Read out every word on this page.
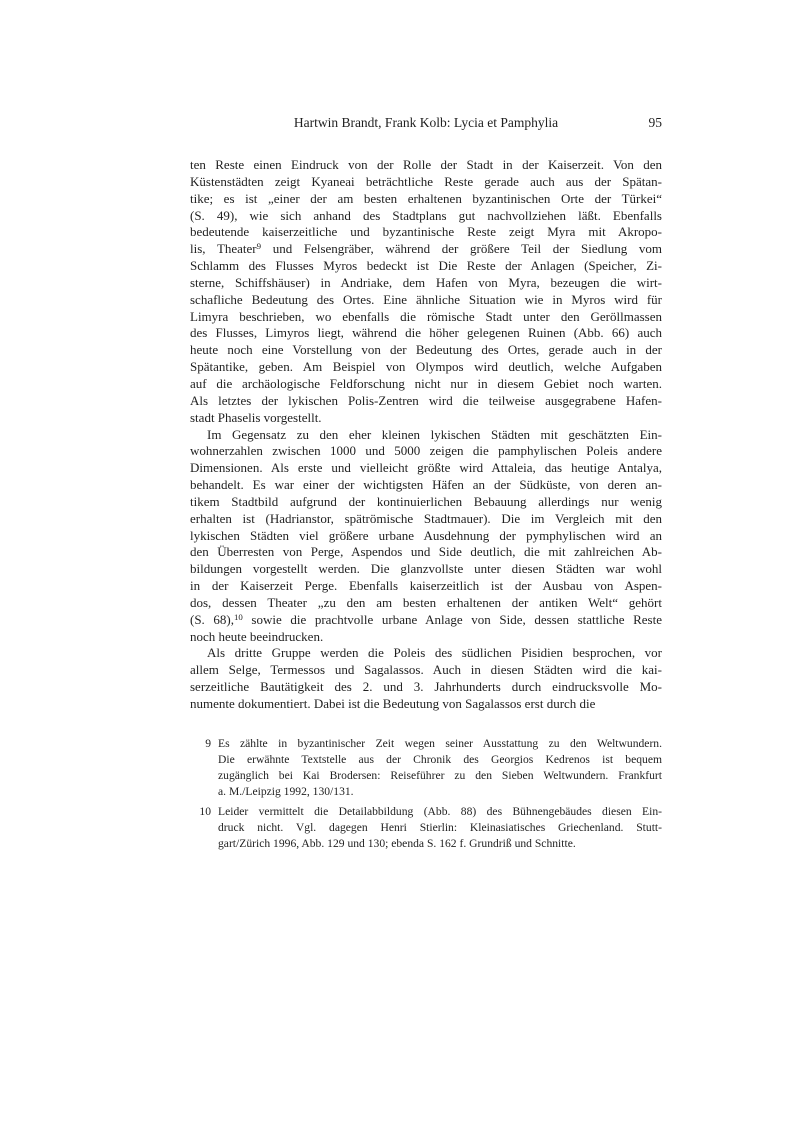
Hartwin Brandt, Frank Kolb: Lycia et Pamphylia	95
ten Reste einen Eindruck von der Rolle der Stadt in der Kaiserzeit. Von den
Küstenstädten zeigt Kyaneai beträchtliche Reste gerade auch aus der Spätan-
tike; es ist „einer der am besten erhaltenen byzantinischen Orte der Türkei“
(S. 49), wie sich anhand des Stadtplans gut nachvollziehen läßt. Ebenfalls
bedeutende kaiserzeitliche und byzantinische Reste zeigt Myra mit Akropo-
lis, Theater$^9$ und Felsengräber, während der größere Teil der Siedlung vom
Schlamm des Flusses Myros bedeckt ist Die Reste der Anlagen (Speicher, Zi-
sterne, Schiffshäuser) in Andriake, dem Hafen von Myra, bezeugen die wirt-
schafliche Bedeutung des Ortes. Eine ähnliche Situation wie in Myros wird für
Limyra beschrieben, wo ebenfalls die römische Stadt unter den Geröllmassen
des Flusses, Limyros liegt, während die höher gelegenen Ruinen (Abb. 66) auch
heute noch eine Vorstellung von der Bedeutung des Ortes, gerade auch in der
Spätantike, geben. Am Beispiel von Olympos wird deutlich, welche Aufgaben
auf die archäologische Feldforschung nicht nur in diesem Gebiet noch warten.
Als letztes der lykischen Polis-Zentren wird die teilweise ausgegrabene Hafen-
stadt Phaselis vorgestellt.
Im Gegensatz zu den eher kleinen lykischen Städten mit geschätzten Ein-
wohnerzahlen zwischen 1000 und 5000 zeigen die pamphylischen Poleis andere
Dimensionen. Als erste und vielleicht größte wird Attaleia, das heutige Antalya,
behandelt. Es war einer der wichtigsten Häfen an der Südküste, von deren an-
tikem Stadtbild aufgrund der kontinuierlichen Bebauung allerdings nur wenig
erhalten ist (Hadrianstor, spätrömische Stadtmauer). Die im Vergleich mit den
lykischen Städten viel größere urbane Ausdehnung der pymphylischen wird an
den Überresten von Perge, Aspendos und Side deutlich, die mit zahlreichen Ab-
bildungen vorgestellt werden. Die glanzvollste unter diesen Städten war wohl
in der Kaiserzeit Perge. Ebenfalls kaiserzeitlich ist der Ausbau von Aspen-
dos, dessen Theater „zu den am besten erhaltenen der antiken Welt“ gehört
(S. 68),$^{10}$ sowie die prachtvolle urbane Anlage von Side, dessen stattliche Reste
noch heute beeindrucken.
Als dritte Gruppe werden die Poleis des südlichen Pisidien besprochen, vor
allem Selge, Termessos und Sagalassos. Auch in diesen Städten wird die kai-
serzeitliche Bautätigkeit des 2. und 3. Jahrhunderts durch eindrucksvolle Mo-
numente dokumentiert. Dabei ist die Bedeutung von Sagalassos erst durch die
9 Es zählte in byzantinischer Zeit wegen seiner Ausstattung zu den Weltwundern.
Die erwähnte Textstelle aus der Chronik des Georgios Kedrenos ist bequem
zugänglich bei Kai Brodersen: Reiseführer zu den Sieben Weltwundern. Frankfurt
a. M./Leipzig 1992, 130/131.
10 Leider vermittelt die Detailabbildung (Abb. 88) des Bühnengebäudes diesen Ein-
druck nicht. Vgl. dagegen Henri Stierlin: Kleinasiatisches Griechenland. Stutt-
gart/Zürich 1996, Abb. 129 und 130; ebenda S. 162 f. Grundriß und Schnitte.
